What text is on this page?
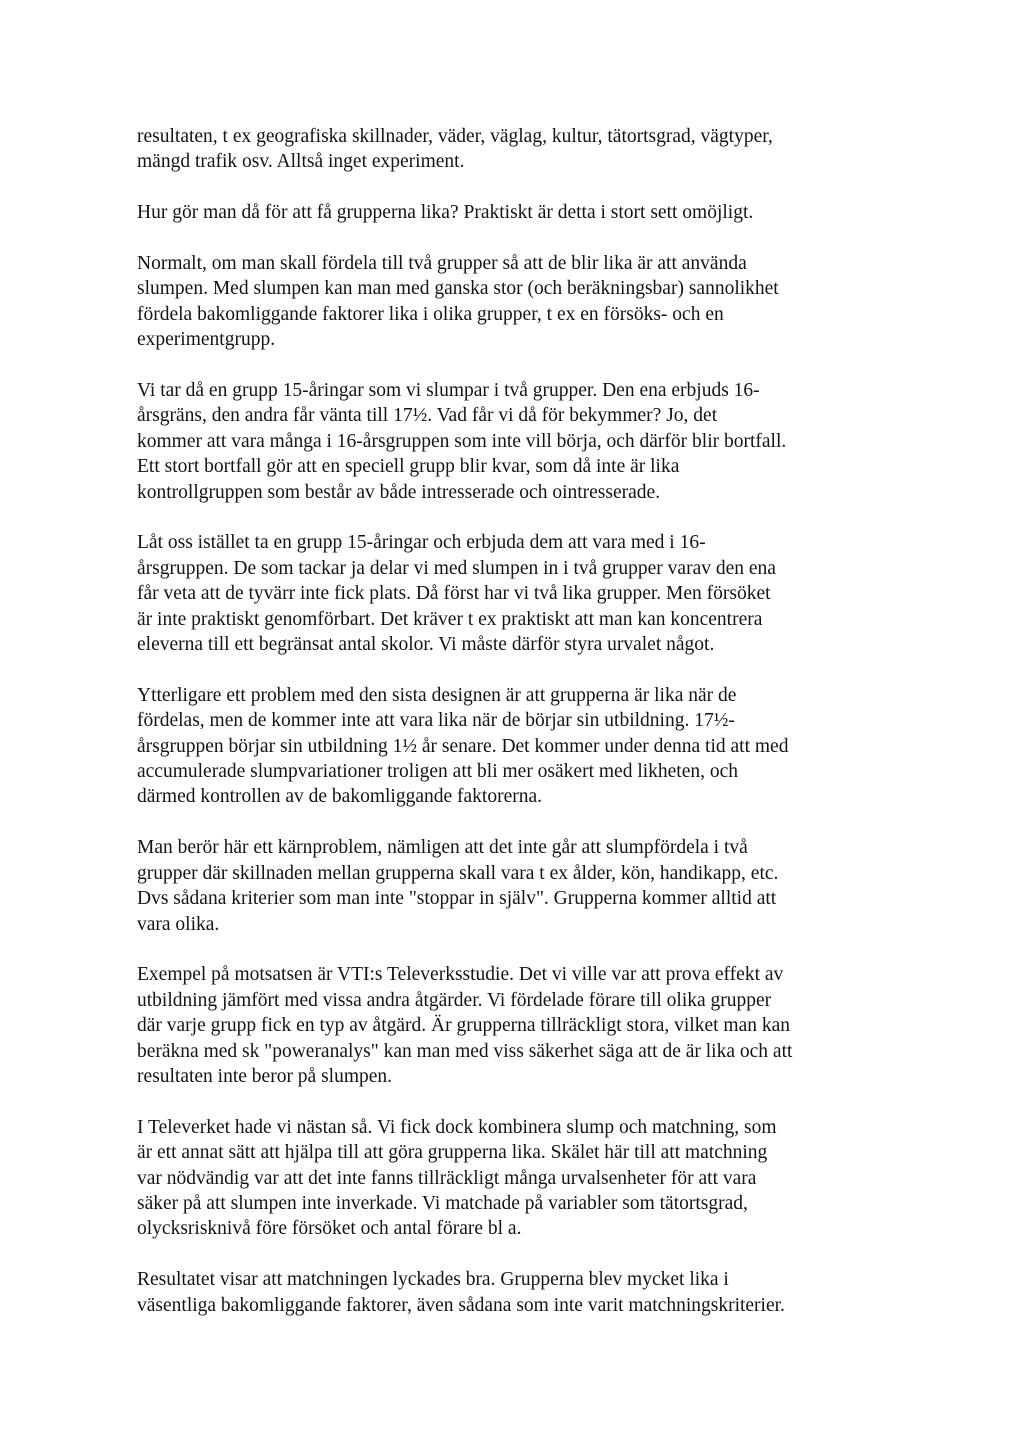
resultaten, t ex geografiska skillnader, väder, väglag, kultur, tätortsgrad, vägtyper,
mängd trafik osv. Alltså inget experiment.

Hur gör man då för att få grupperna lika? Praktiskt är detta i stort sett omöjligt.

Normalt, om man skall fördela till två grupper så att de blir lika är att använda
slumpen. Med slumpen kan man med ganska stor (och beräkningsbar) sannolikhet
fördela bakomliggande faktorer lika i olika grupper, t ex en försöks- och en
experimentgrupp.

Vi tar då en grupp 15-åringar som vi slumpar i två grupper. Den ena erbjuds 16-
årsgräns, den andra får vänta till 17½. Vad får vi då för bekymmer? Jo, det
kommer att vara många i 16-årsgruppen som inte vill börja, och därför blir bortfall.
Ett stort bortfall gör att en speciell grupp blir kvar, som då inte är lika
kontrollgruppen som består av både intresserade och ointresserade.

Låt oss istället ta en grupp 15-åringar och erbjuda dem att vara med i 16-
årsgruppen. De som tackar ja delar vi med slumpen in i två grupper varav den ena
får veta att de tyvärr inte fick plats. Då först har vi två lika grupper. Men försöket
är inte praktiskt genomförbart. Det kräver t ex praktiskt att man kan koncentrera
eleverna till ett begränsat antal skolor. Vi måste därför styra urvalet något.

Ytterligare ett problem med den sista designen är att grupperna är lika när de
fördelas, men de kommer inte att vara lika när de börjar sin utbildning. 17½-
årsgruppen börjar sin utbildning 1½ år senare. Det kommer under denna tid att med
accumulerade slumpvariationer troligen att bli mer osäkert med likheten, och
därmed kontrollen av de bakomliggande faktorerna.

Man berör här ett kärnproblem, nämligen att det inte går att slumpfördela i två
grupper där skillnaden mellan grupperna skall vara t ex ålder, kön, handikapp, etc.
Dvs sådana kriterier som man inte "stoppar in själv". Grupperna kommer alltid att
vara olika.

Exempel på motsatsen är VTI:s Televerksstudie. Det vi ville var att prova effekt av
utbildning jämfört med vissa andra åtgärder. Vi fördelade förare till olika grupper
där varje grupp fick en typ av åtgärd. Är grupperna tillräckligt stora, vilket man kan
beräkna med sk "poweranalys" kan man med viss säkerhet säga att de är lika och att
resultaten inte beror på slumpen.

I Televerket hade vi nästan så. Vi fick dock kombinera slump och matchning, som
är ett annat sätt att hjälpa till att göra grupperna lika. Skälet här till att matchning
var nödvändig var att det inte fanns tillräckligt många urvalsenheter för att vara
säker på att slumpen inte inverkade. Vi matchade på variabler som tätortsgrad,
olycksrisknivå före försöket och antal förare bl a.

Resultatet visar att matchningen lyckades bra. Grupperna blev mycket lika i
väsentliga bakomliggande faktorer, även sådana som inte varit matchningskriterier.
